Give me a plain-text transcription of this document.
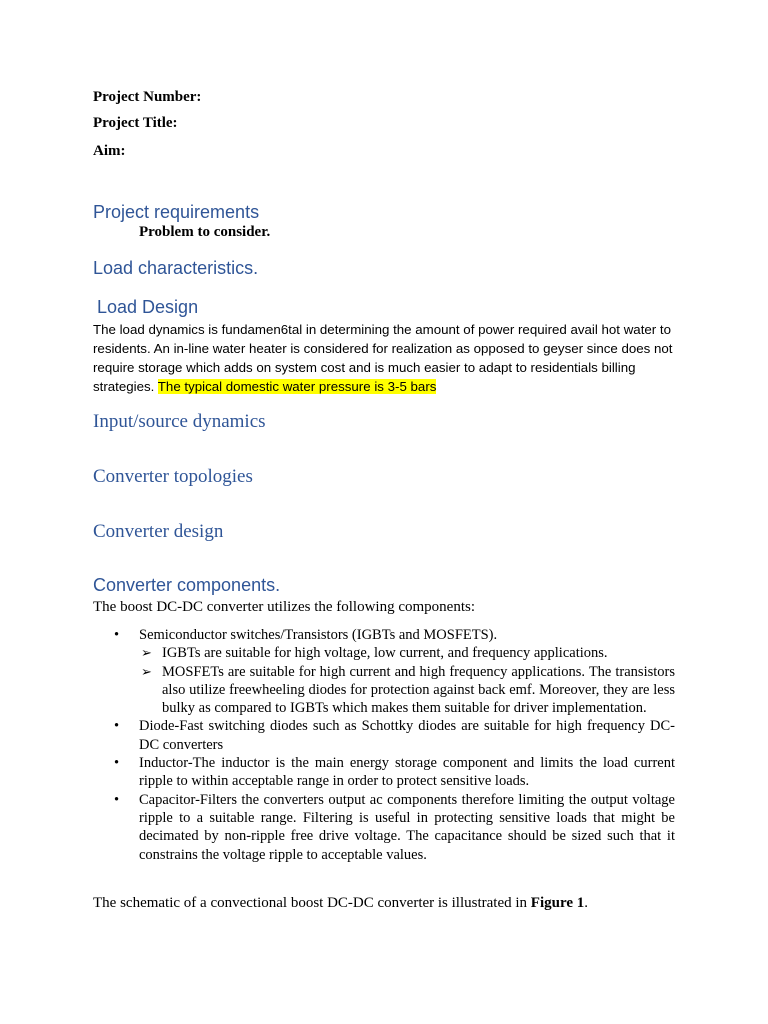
Project Number:
Project Title:
Aim:
Project requirements
Problem to consider.
Load characteristics.
Load Design
The load dynamics is fundamen6tal in determining the amount of power required avail hot water to residents. An in-line water heater is considered for realization as opposed to geyser since does not require storage which adds on system cost and is much easier to adapt to residentials billing strategies. The typical domestic water pressure is 3-5 bars
Input/source dynamics
Converter topologies
Converter design
Converter components.
The boost DC-DC converter utilizes the following components:
• Semiconductor switches/Transistors (IGBTs and MOSFETS).
➢ IGBTs are suitable for high voltage, low current, and frequency applications.
➢ MOSFETs are suitable for high current and high frequency applications. The transistors also utilize freewheeling diodes for protection against back emf. Moreover, they are less bulky as compared to IGBTs which makes them suitable for driver implementation.
• Diode-Fast switching diodes such as Schottky diodes are suitable for high frequency DC-DC converters
• Inductor-The inductor is the main energy storage component and limits the load current ripple to within acceptable range in order to protect sensitive loads.
• Capacitor-Filters the converters output ac components therefore limiting the output voltage ripple to a suitable range. Filtering is useful in protecting sensitive loads that might be decimated by non-ripple free drive voltage. The capacitance should be sized such that it constrains the voltage ripple to acceptable values.
The schematic of a convectional boost DC-DC converter is illustrated in Figure 1.
